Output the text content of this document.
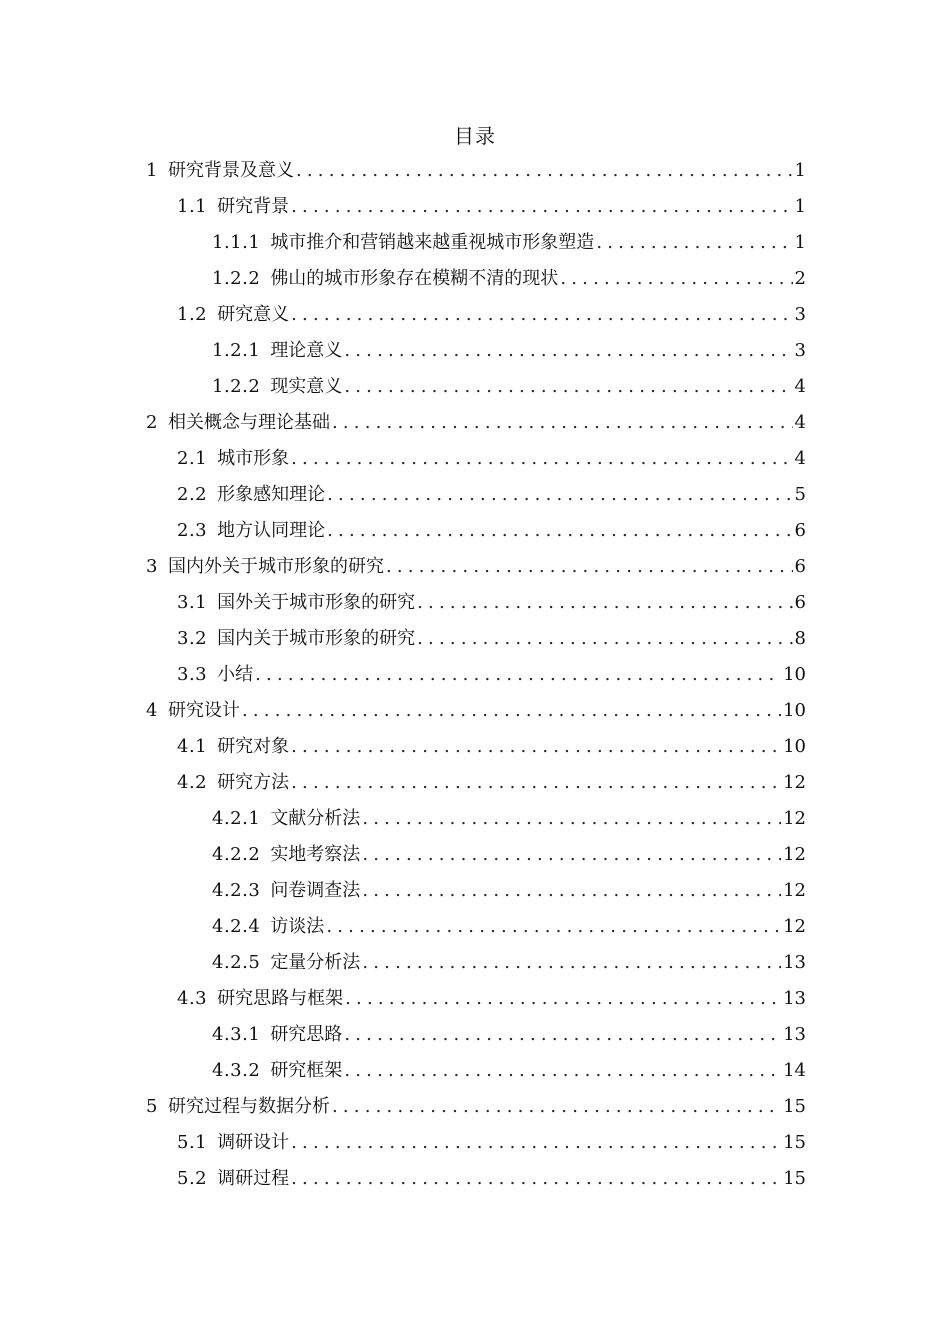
目录
1 研究背景及意义 .....	1
1.1 研究背景 .....	1
1.1.1 城市推介和营销越来越重视城市形象塑造 .....	1
1.2.2 佛山的城市形象存在模糊不清的现状 .....	2
1.2 研究意义 .....	3
1.2.1 理论意义 .....	3
1.2.2 现实意义 .....	4
2 相关概念与理论基础 .....	4
2.1 城市形象 .....	4
2.2 形象感知理论 .....	5
2.3 地方认同理论 .....	6
3 国内外关于城市形象的研究 .....	6
3.1 国外关于城市形象的研究 .....	6
3.2 国内关于城市形象的研究 .....	8
3.3 小结 .....	10
4 研究设计 .....	10
4.1 研究对象 .....	10
4.2 研究方法 .....	12
4.2.1 文献分析法 .....	12
4.2.2 实地考察法 .....	12
4.2.3 问卷调查法 .....	12
4.2.4 访谈法 .....	12
4.2.5 定量分析法 .....	13
4.3 研究思路与框架 .....	13
4.3.1 研究思路 .....	13
4.3.2 研究框架 .....	14
5 研究过程与数据分析 .....	15
5.1 调研设计 .....	15
5.2 调研过程 .....	15
